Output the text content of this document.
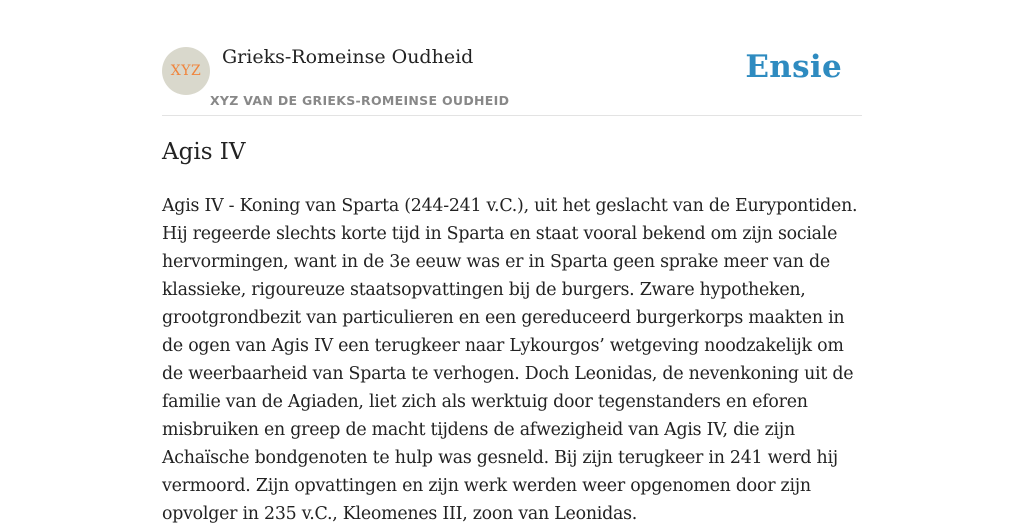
XYZ
Grieks-Romeinse Oudheid
XYZ VAN DE GRIEKS-ROMEINSE OUDHEID
Ensie
Agis IV

Agis IV - Koning van Sparta (244-241 v.C.), uit het geslacht van de Eurypontiden. Hij regeerde slechts korte tijd in Sparta en staat vooral bekend om zijn sociale hervormingen, want in de 3e eeuw was er in Sparta geen sprake meer van de klassieke, rigoureuze staatsopvattingen bij de burgers. Zware hypotheken, grootgrondbezit van particulieren en een gereduceerd burgerkorps maakten in de ogen van Agis IV een terugkeer naar Lykourgos’ wetgeving noodzakelijk om de weerbaarheid van Sparta te verhogen. Doch Leonidas, de nevenkoning uit de familie van de Agiaden, liet zich als werktuig door tegenstanders en eforen misbruiken en greep de macht tijdens de afwezigheid van Agis IV, die zijn Achaïsche bondgenoten te hulp was gesneld. Bij zijn terugkeer in 241 werd hij vermoord. Zijn opvattingen en zijn werk werden weer opgenomen door zijn opvolger in 235 v.C., Kleomenes III, zoon van Leonidas.
